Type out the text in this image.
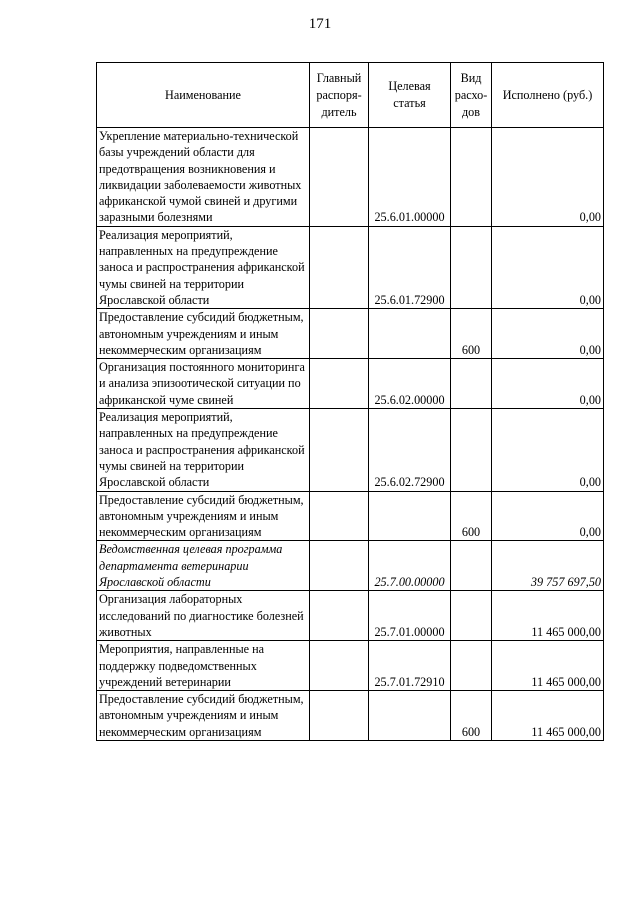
171
Наименование	Главный распоря-дитель	Целевая статья	Вид расхо-дов	Исполнено (руб.)
Укрепление материально-технической базы учреждений области для предотвращения возникновения и ликвидации заболеваемости животных африканской чумой свиней и другими заразными болезнями		25.6.01.00000		0,00
Реализация мероприятий, направленных на предупреждение заноса и распространения африканской чумы свиней на территории Ярославской области		25.6.01.72900		0,00
Предоставление субсидий бюджетным, автономным учреждениям и иным некоммерческим организациям			600	0,00
Организация постоянного мониторинга и анализа эпизоотической ситуации по африканской чуме свиней		25.6.02.00000		0,00
Реализация мероприятий, направленных на предупреждение заноса и распространения африканской чумы свиней на территории Ярославской области		25.6.02.72900		0,00
Предоставление субсидий бюджетным, автономным учреждениям и иным некоммерческим организациям			600	0,00
Ведомственная целевая программа департамента ветеринарии Ярославской области		25.7.00.00000		39 757 697,50
Организация лабораторных исследований по диагностике болезней животных		25.7.01.00000		11 465 000,00
Мероприятия, направленные на поддержку подведомственных учреждений ветеринарии		25.7.01.72910		11 465 000,00
Предоставление субсидий бюджетным, автономным учреждениям и иным некоммерческим организациям			600	11 465 000,00
